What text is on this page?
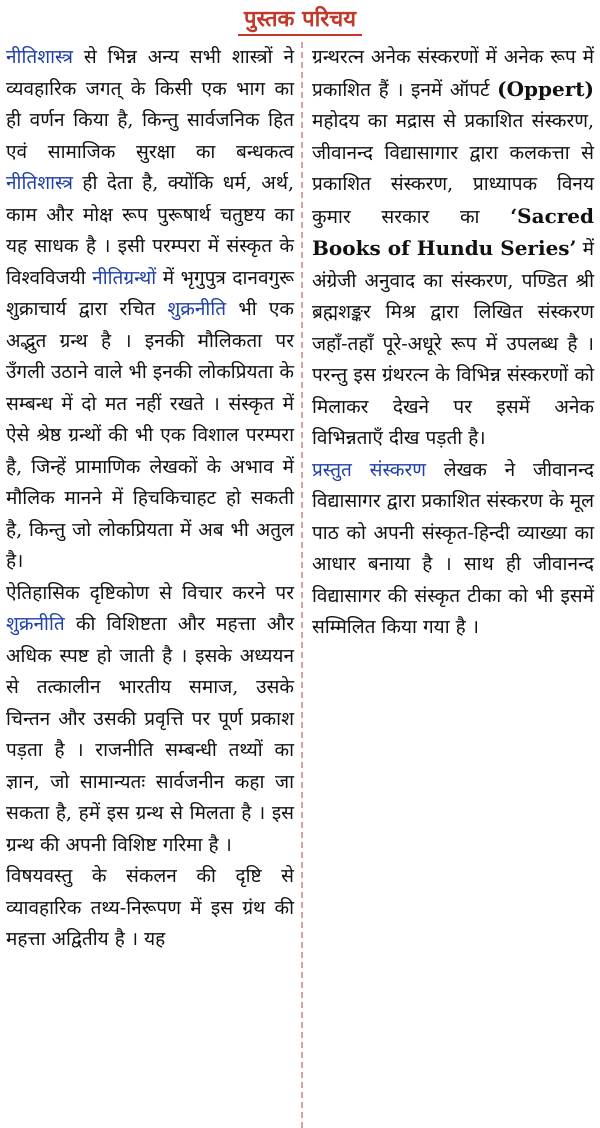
पुस्तक परिचय

नीतिशास्त्र से भिन्न अन्य सभी शास्त्रों ने व्यवहारिक जगत् के किसी एक भाग का ही वर्णन किया है, किन्तु सार्वजनिक हित एवं सामाजिक सुरक्षा का बन्धकत्व नीतिशास्त्र ही देता है, क्योंकि धर्म, अर्थ, काम और मोक्ष रूप पुरूषार्थ चतुष्टय का यह साधक है । इसी परम्परा में संस्कृत के विश्वविजयी नीतिग्रन्थों में भृगुपुत्र दानवगुरू शुक्राचार्य द्वारा रचित शुक्रनीति भी एक अद्भुत ग्रन्थ है । इनकी मौलिकता पर उँगली उठाने वाले भी इनकी लोकप्रियता के सम्बन्ध में दो मत नहीं रखते । संस्कृत में ऐसे श्रेष्ठ ग्रन्थों की भी एक विशाल परम्परा है, जिन्हें प्रामाणिक लेखकों के अभाव में मौलिक मानने में हिचकिचाहट हो सकती है, किन्तु जो लोकप्रियता में अब भी अतुल है।

ऐतिहासिक दृष्टिकोण से विचार करने पर शुक्रनीति की विशिष्टता और महत्ता और अधिक स्पष्ट हो जाती है । इसके अध्ययन से तत्कालीन भारतीय समाज, उसके चिन्तन और उसकी प्रवृत्ति पर पूर्ण प्रकाश पड़ता है । राजनीति सम्बन्धी तथ्यों का ज्ञान, जो सामान्यतः सार्वजनीन कहा जा सकता है, हमें इस ग्रन्थ से मिलता है । इस ग्रन्थ की अपनी विशिष्ट गरिमा है ।

विषयवस्तु के संकलन की दृष्टि से व्यावहारिक तथ्य-निरूपण में इस ग्रंथ की महत्ता अद्वितीय है । यह

ग्रन्थरत्न अनेक संस्करणों में अनेक रूप में प्रकाशित हैं । इनमें ऑपर्ट (Oppert) महोदय का मद्रास से प्रकाशित संस्करण, जीवानन्द विद्यासागार द्वारा कलकत्ता से प्रकाशित संस्करण, प्राध्यापक विनय कुमार सरकार का ‘Sacred Books of Hundu Series’ में अंग्रेजी अनुवाद का संस्करण, पण्डित श्री ब्रह्मशङ्कर मिश्र द्वारा लिखित संस्करण जहाँ-तहाँ पूरे-अधूरे रूप में उपलब्ध है । परन्तु इस ग्रंथरत्न के विभिन्न संस्करणों को मिलाकर देखने पर इसमें अनेक विभिन्नताएँ दीख पड़ती है।

प्रस्तुत संस्करण लेखक ने जीवानन्द विद्यासागर द्वारा प्रकाशित संस्करण के मूल पाठ को अपनी संस्कृत-हिन्दी व्याख्या का आधार बनाया है । साथ ही जीवानन्द विद्यासागर की संस्कृत टीका को भी इसमें सम्मिलित किया गया है ।
